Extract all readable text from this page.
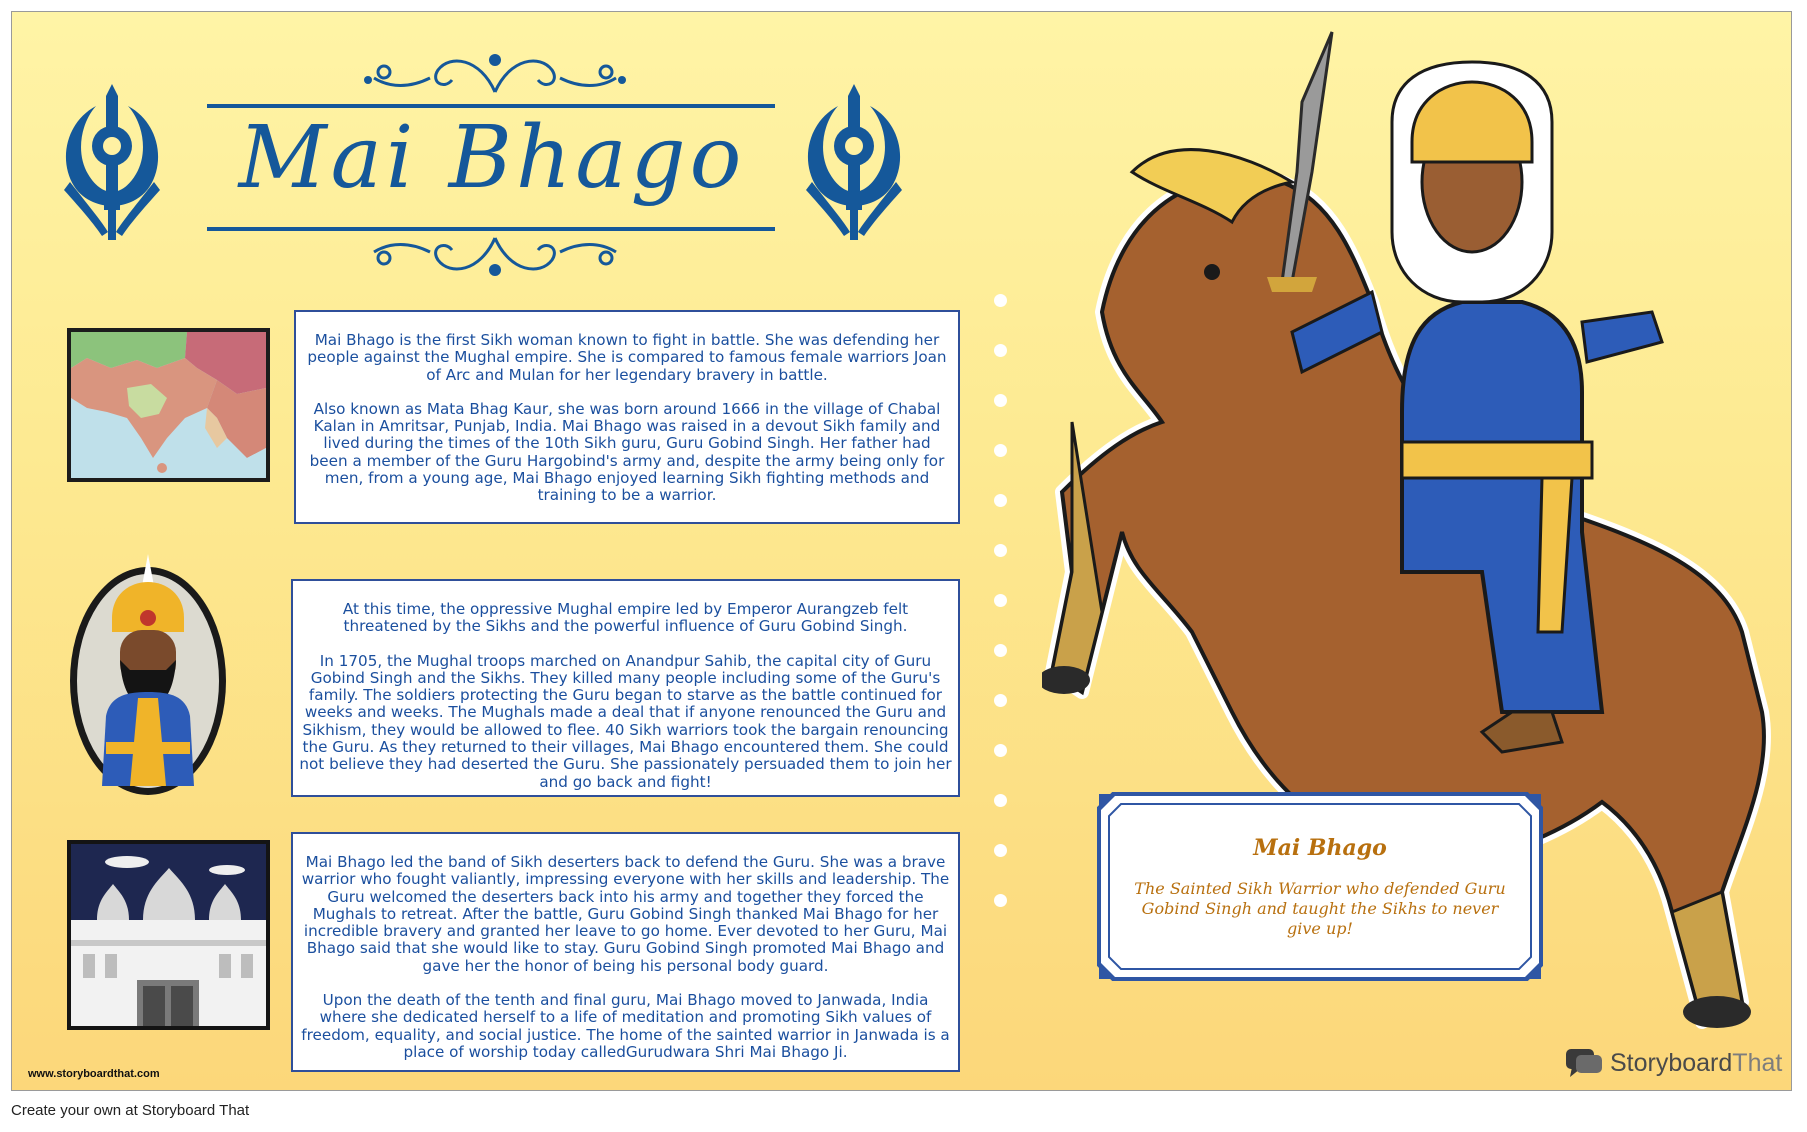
Mai Bhago

Mai Bhago is the first Sikh woman known to fight in battle. She was defending her people against the Mughal empire. She is compared to famous female warriors Joan of Arc and Mulan for her legendary bravery in battle.

Also known as Mata Bhag Kaur, she was born around 1666 in the village of Chabal Kalan in Amritsar, Punjab, India. Mai Bhago was raised in a devout Sikh family and lived during the times of the 10th Sikh guru, Guru Gobind Singh. Her father had been a member of the Guru Hargobind's army and, despite the army being only for men, from a young age, Mai Bhago enjoyed learning Sikh fighting methods and training to be a warrior.

At this time, the oppressive Mughal empire led by Emperor Aurangzeb felt threatened by the Sikhs and the powerful influence of Guru Gobind Singh.

In 1705, the Mughal troops marched on Anandpur Sahib, the capital city of Guru Gobind Singh and the Sikhs. They killed many people including some of the Guru's family. The soldiers protecting the Guru began to starve as the battle continued for weeks and weeks. The Mughals made a deal that if anyone renounced the Guru and Sikhism, they would be allowed to flee. 40 Sikh warriors took the bargain renouncing the Guru. As they returned to their villages, Mai Bhago encountered them. She could not believe they had deserted the Guru. She passionately persuaded them to join her and go back and fight!

Mai Bhago led the band of Sikh deserters back to defend the Guru. She was a brave warrior who fought valiantly, impressing everyone with her skills and leadership. The Guru welcomed the deserters back into his army and together they forced the Mughals to retreat. After the battle, Guru Gobind Singh thanked Mai Bhago for her incredible bravery and granted her leave to go home. Ever devoted to her Guru, Mai Bhago said that she would like to stay. Guru Gobind Singh promoted Mai Bhago and gave her the honor of being his personal body guard.

Upon the death of the tenth and final guru, Mai Bhago moved to Janwada, India where she dedicated herself to a life of meditation and promoting Sikh values of freedom, equality, and social justice. The home of the sainted warrior in Janwada is a place of worship today calledGurudwara Shri Mai Bhago Ji.

Mai Bhago
The Sainted Sikh Warrior who defended Guru Gobind Singh and taught the Sikhs to never give up!
www.storyboardthat.com	StoryboardThat
Create your own at Storyboard That
